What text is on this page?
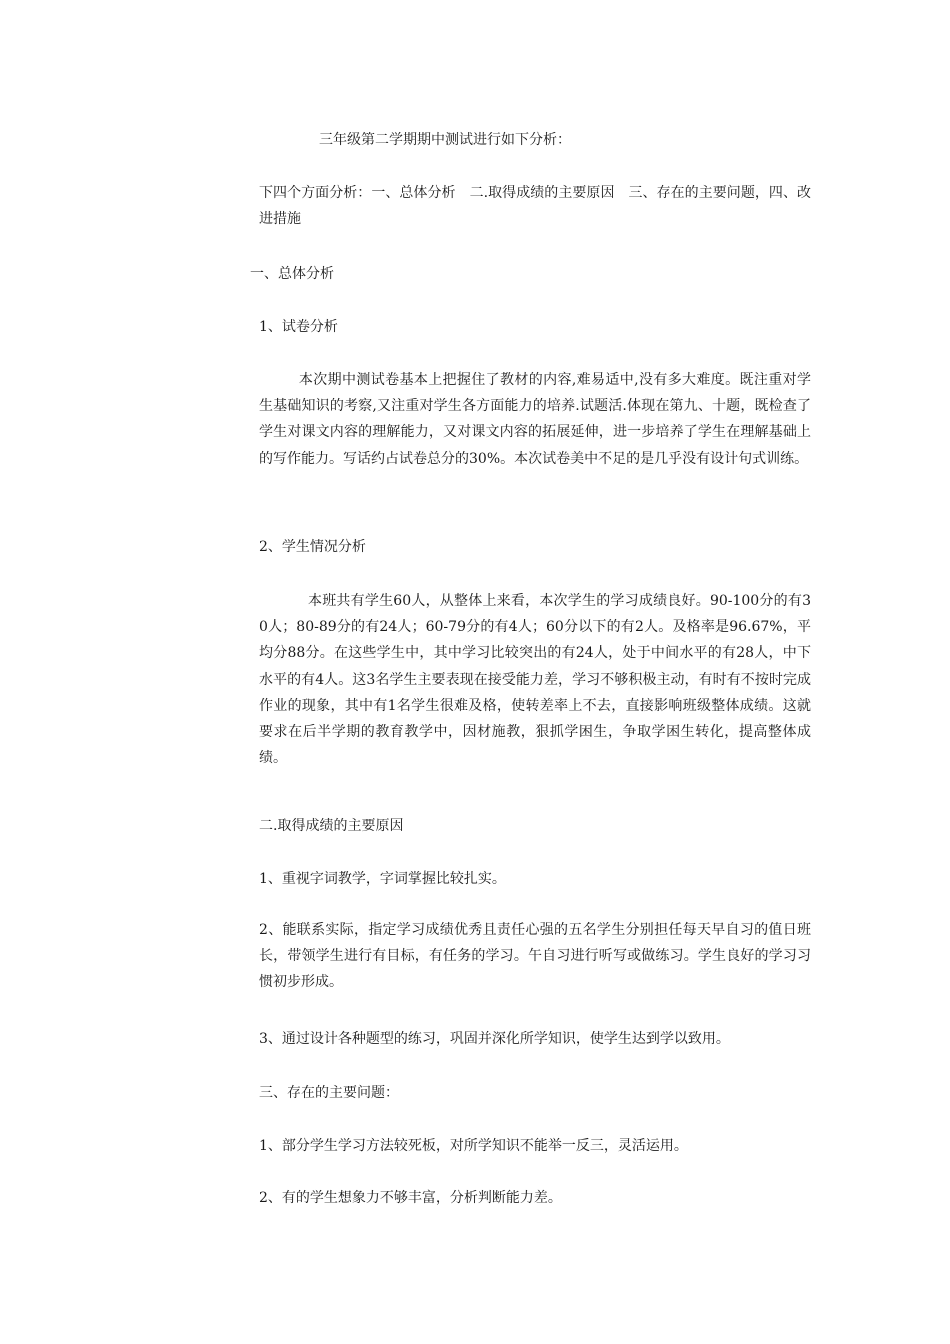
三年级第二学期期中测试进行如下分析：
下四个方面分析：一、总体分析　二.取得成绩的主要原因　三、存在的主要问题，四、改进措施
一、总体分析
1、试卷分析
本次期中测试卷基本上把握住了教材的内容,难易适中,没有多大难度。既注重对学生基础知识的考察,又注重对学生各方面能力的培养.试题活.体现在第九、十题，既检查了学生对课文内容的理解能力，又对课文内容的拓展延伸，进一步培养了学生在理解基础上的写作能力。写话约占试卷总分的30%。本次试卷美中不足的是几乎没有设计句式训练。
2、学生情况分析
本班共有学生60人，从整体上来看，本次学生的学习成绩良好。90-100分的有30人；80-89分的有24人；60-79分的有4人；60分以下的有2人。及格率是96.67%，平均分88分。在这些学生中，其中学习比较突出的有24人，处于中间水平的有28人，中下水平的有4人。这3名学生主要表现在接受能力差，学习不够积极主动，有时有不按时完成作业的现象，其中有1名学生很难及格，使转差率上不去，直接影响班级整体成绩。这就要求在后半学期的教育教学中，因材施教，狠抓学困生，争取学困生转化，提高整体成绩。
二.取得成绩的主要原因
1、重视字词教学，字词掌握比较扎实。
2、能联系实际，指定学习成绩优秀且责任心强的五名学生分别担任每天早自习的值日班长，带领学生进行有目标，有任务的学习。午自习进行听写或做练习。学生良好的学习习惯初步形成。
3、通过设计各种题型的练习，巩固并深化所学知识，使学生达到学以致用。
三、存在的主要问题：
1、部分学生学习方法较死板，对所学知识不能举一反三，灵活运用。
2、有的学生想象力不够丰富，分析判断能力差。
